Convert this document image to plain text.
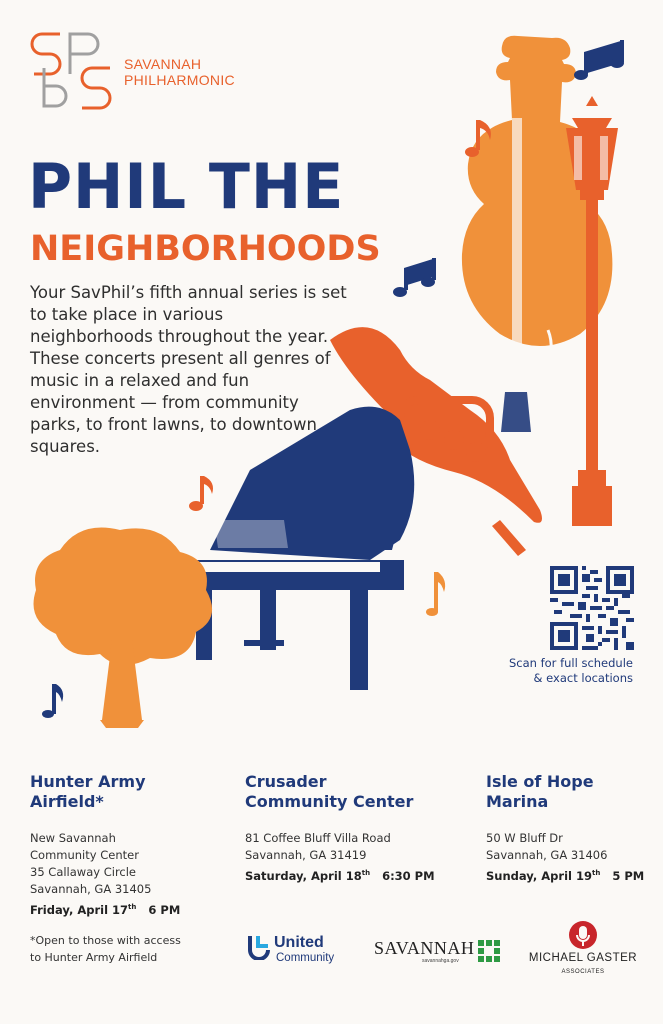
SAVANNAH
PHILHARMONIC
PHIL THE
NEIGHBORHOODS

Your SavPhil’s fifth annual series is set to take place in various neighborhoods throughout the year. These concerts present all genres of music in a relaxed and fun environment — from community parks, to front lawns, to downtown squares.

Scan for full schedule
& exact locations
Hunter Army
Airfield*
New Savannah
Community Center
35 Callaway Circle
Savannah, GA 31405
Friday, April 17th 6 PM
Crusader
Community Center
81 Coffee Bluff Villa Road
Savannah, GA 31419
Saturday, April 18th 6:30 PM
Isle of Hope
Marina
50 W Bluff Dr
Savannah, GA 31406
Sunday, April 19th 5 PM
*Open to those with access
to Hunter Army Airfield
United
Community SAVANNAH
savannahga.gov	MICHAEL GASTER
ASSOCIATES
